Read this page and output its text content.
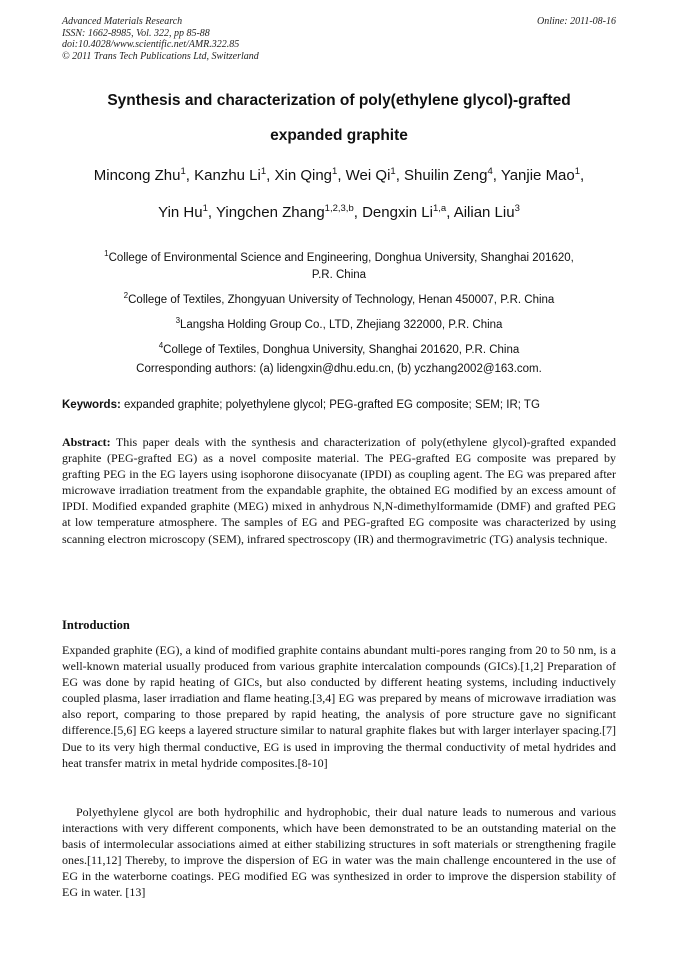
Advanced Materials Research
ISSN: 1662-8985, Vol. 322, pp 85-88
doi:10.4028/www.scientific.net/AMR.322.85
© 2011 Trans Tech Publications Ltd, Switzerland
Online: 2011-08-16
Synthesis and characterization of poly(ethylene glycol)-grafted
expanded graphite
Mincong Zhu$^1$, Kanzhu Li$^1$, Xin Qing$^1$, Wei Qi$^1$, Shuilin Zeng$^4$, Yanjie Mao$^1$,
Yin Hu$^1$, Yingchen Zhang$^{1,2,3,b}$, Dengxin Li$^{1,a}$, Ailian Liu$^3$
$^1$College of Environmental Science and Engineering, Donghua University, Shanghai 201620,
P.R. China
$^2$College of Textiles, Zhongyuan University of Technology, Henan 450007, P.R. China
$^3$Langsha Holding Group Co., LTD, Zhejiang 322000, P.R. China
$^4$College of Textiles, Donghua University, Shanghai 201620, P.R. China
Corresponding authors: (a) lidengxin@dhu.edu.cn, (b) yczhang2002@163.com.
Keywords: expanded graphite; polyethylene glycol; PEG-grafted EG composite; SEM; IR; TG
Abstract: This paper deals with the synthesis and characterization of poly(ethylene glycol)-grafted expanded graphite (PEG-grafted EG) as a novel composite material. The PEG-grafted EG composite was prepared by grafting PEG in the EG layers using isophorone diisocyanate (IPDI) as coupling agent. The EG was prepared after microwave irradiation treatment from the expandable graphite, the obtained EG modified by an excess amount of IPDI. Modified expanded graphite (MEG) mixed in anhydrous N,N-dimethylformamide (DMF) and grafted PEG at low temperature atmosphere. The samples of EG and PEG-grafted EG composite was characterized by using scanning electron microscopy (SEM), infrared spectroscopy (IR) and thermogravimetric (TG) analysis technique.
Introduction
Expanded graphite (EG), a kind of modified graphite contains abundant multi-pores ranging from 20 to 50 nm, is a well-known material usually produced from various graphite intercalation compounds (GICs).[1,2] Preparation of EG was done by rapid heating of GICs, but also conducted by different heating systems, including inductively coupled plasma, laser irradiation and flame heating.[3,4] EG was prepared by means of microwave irradiation was also report, comparing to those prepared by rapid heating, the analysis of pore structure gave no significant difference.[5,6] EG keeps a layered structure similar to natural graphite flakes but with larger interlayer spacing.[7] Due to its very high thermal conductive, EG is used in improving the thermal conductivity of metal hydrides and heat transfer matrix in metal hydride composites.[8-10]
Polyethylene glycol are both hydrophilic and hydrophobic, their dual nature leads to numerous and various interactions with very different components, which have been demonstrated to be an outstanding material on the basis of intermolecular associations aimed at either stabilizing structures in soft materials or strengthening fragile ones.[11,12] Thereby, to improve the dispersion of EG in water was the main challenge encountered in the use of EG in the waterborne coatings. PEG modified EG was synthesized in order to improve the dispersion stability of EG in water. [13]
